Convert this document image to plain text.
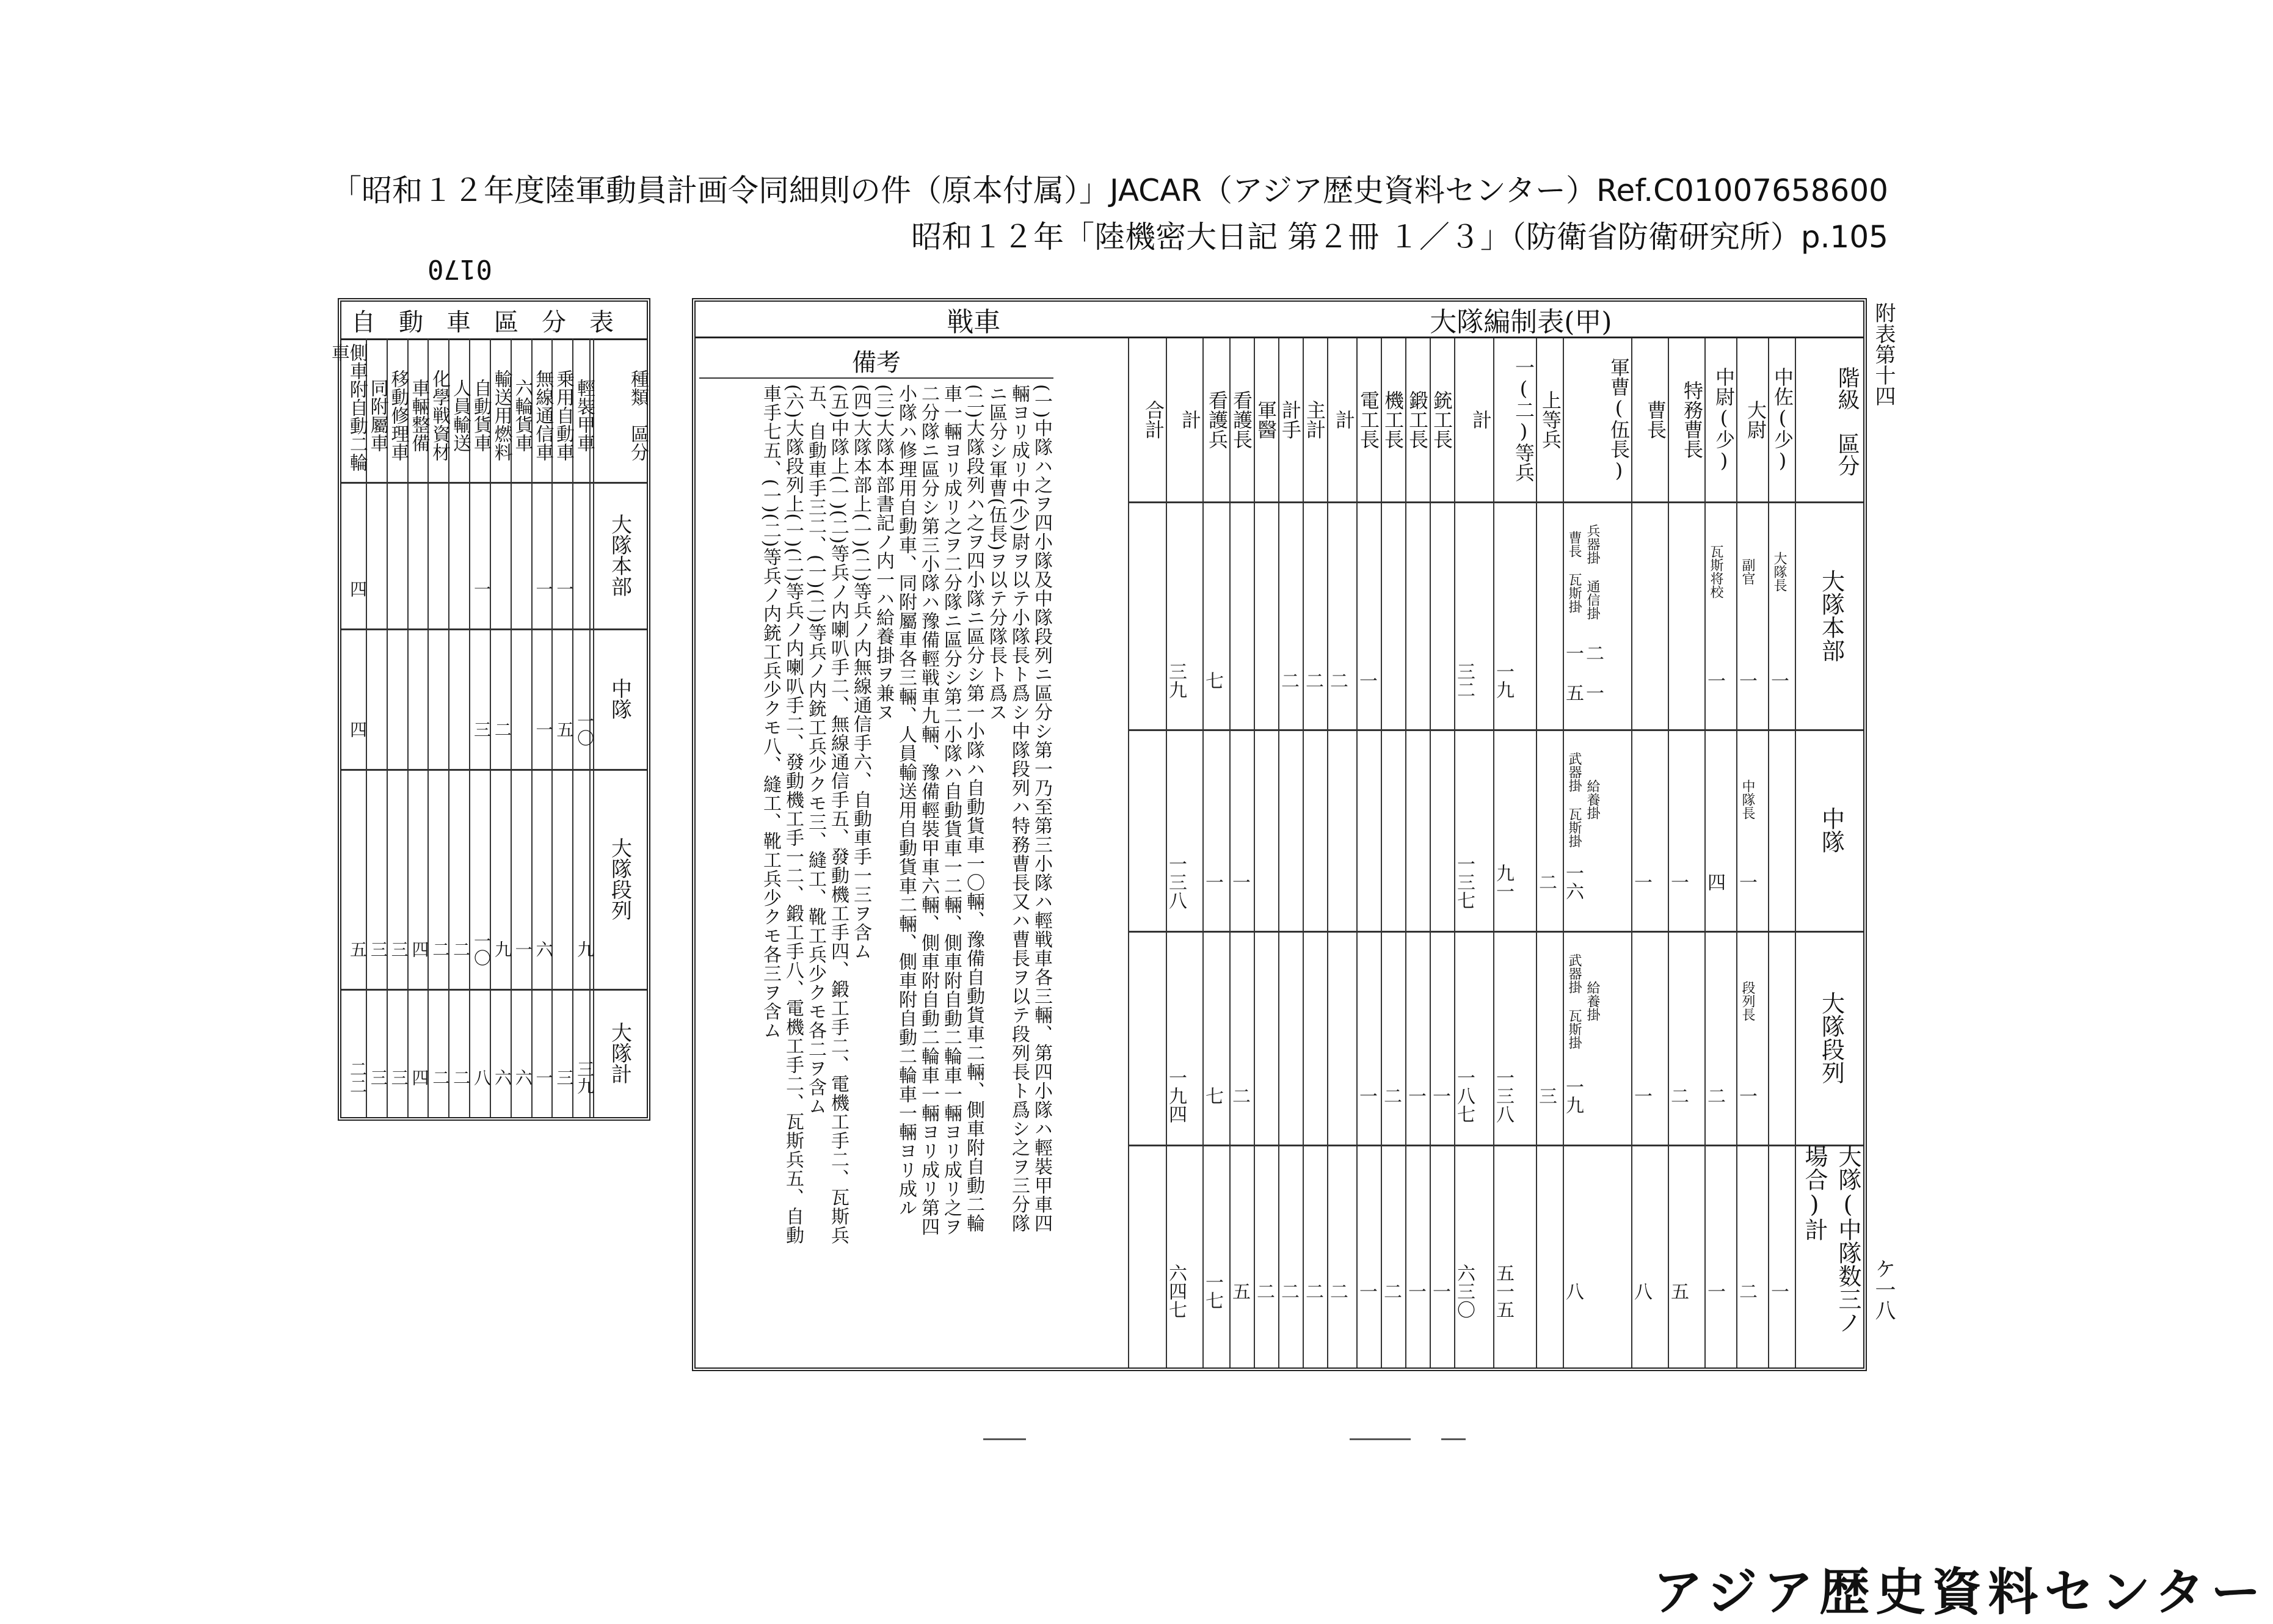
「昭和１２年度陸軍動員計画令同細則の件（原本付属）」JACAR（アジア歴史資料センター）Ref.C01007658600
昭和１２年「陸機密大日記 第２冊 １／３」（防衛省防衛研究所）p.105
0170
自動車區分表
種類　區分
輕裝甲車
乗用自動車
無線通信車
六輪貨車
輸送用燃料
自動貨車
人員輸送
化學戦資材
車輛整備
移動修理車
同附屬車
側車附自動二輪車
大隊本部
一
一
一
四
中隊
一〇
五
一
二
三
四
大隊段列
九
六
一
九
一〇
二
二
四
三
三
五
大隊計
三九
三
一
六
六
八
二
二
四
三
三
二二
(甲)大隊編制表
戦車
階級　區分
中佐(少)
大尉
中尉(少)
特務曹長
曹長
軍曹(伍長)
上等兵
一(二)等兵
計
銃工長
鍛工長
機工長
電工長
計
主計
計手
軍醫
看護長
看護兵
計
合計
大隊本部
一
一
一
二 一 一 五
一九
三二
一
二
二
二
七
三九
中隊
一
四
一
一
一六
二
九一
一三七
一
一
一三八
大隊段列
一
二
二
一
一九
三
一三八
一八七
一
一
二
一
二
七
一九四
大隊(中隊数三ノ場合)計
一
二
一
五
八
八
五一五
六三〇
一
一
二
一
二
二
二
二
五
一七
六四七
大隊長
副官
瓦斯将校
曹長 瓦斯掛 兵器掛 通信掛
中隊長
武器掛 瓦斯掛 給養掛
段列長
武器掛 瓦斯掛 給養掛
備考

(一)中隊ハ之ヲ四小隊及中隊段列ニ區分シ第一乃至第三小隊ハ輕戦車各三輛、第四小隊ハ輕裝甲車四輛ヨリ成リ中(少)尉ヲ以テ小隊長ト爲シ中隊段列ハ特務曹長又ハ曹長ヲ以テ段列長ト爲シ之ヲ三分隊ニ區分シ軍曹(伍長)ヲ以テ分隊長ト爲ス

(二)大隊段列ハ之ヲ四小隊ニ區分シ第一小隊ハ自動貨車一〇輛、豫備自動貨車二輛、側車附自動二輪車一輛ヨリ成リ之ヲ二分隊ニ區分シ第二小隊ハ自動貨車一二輛、側車附自動二輪車一輛ヨリ成リ之ヲ二分隊ニ區分シ第三小隊ハ豫備輕戦車九輛、豫備輕裝甲車六輛、側車附自動二輪車一輛ヨリ成リ第四小隊ハ修理用自動車、同附屬車各三輛、人員輸送用自動貨車二輛、側車附自動二輪車一輛ヨリ成ル

(三)大隊本部書記ノ内一ハ給養掛ヲ兼ヌ

(四)大隊本部上(一)(二)等兵ノ内無線通信手六、自動車手一三ヲ含ム

(五)中隊上(一)(二)等兵ノ内喇叭手二、無線通信手五、發動機工手四、鍛工手二、電機工手二、瓦斯兵五、自動車手三二、(一)(二)等兵ノ内銃工兵少クモ三、縫工、靴工兵少クモ各二ヲ含ム

(六)大隊段列上(一)(二)等兵ノ内喇叭手二、發動機工手一二、鍛工手八、電機工手二、瓦斯兵五、自動車手七五、(一)(二)等兵ノ内銃工兵少クモ八、縫工、靴工兵少クモ各三ヲ含ム

附表第十四
ケ一八
アジア歴史資料センター
